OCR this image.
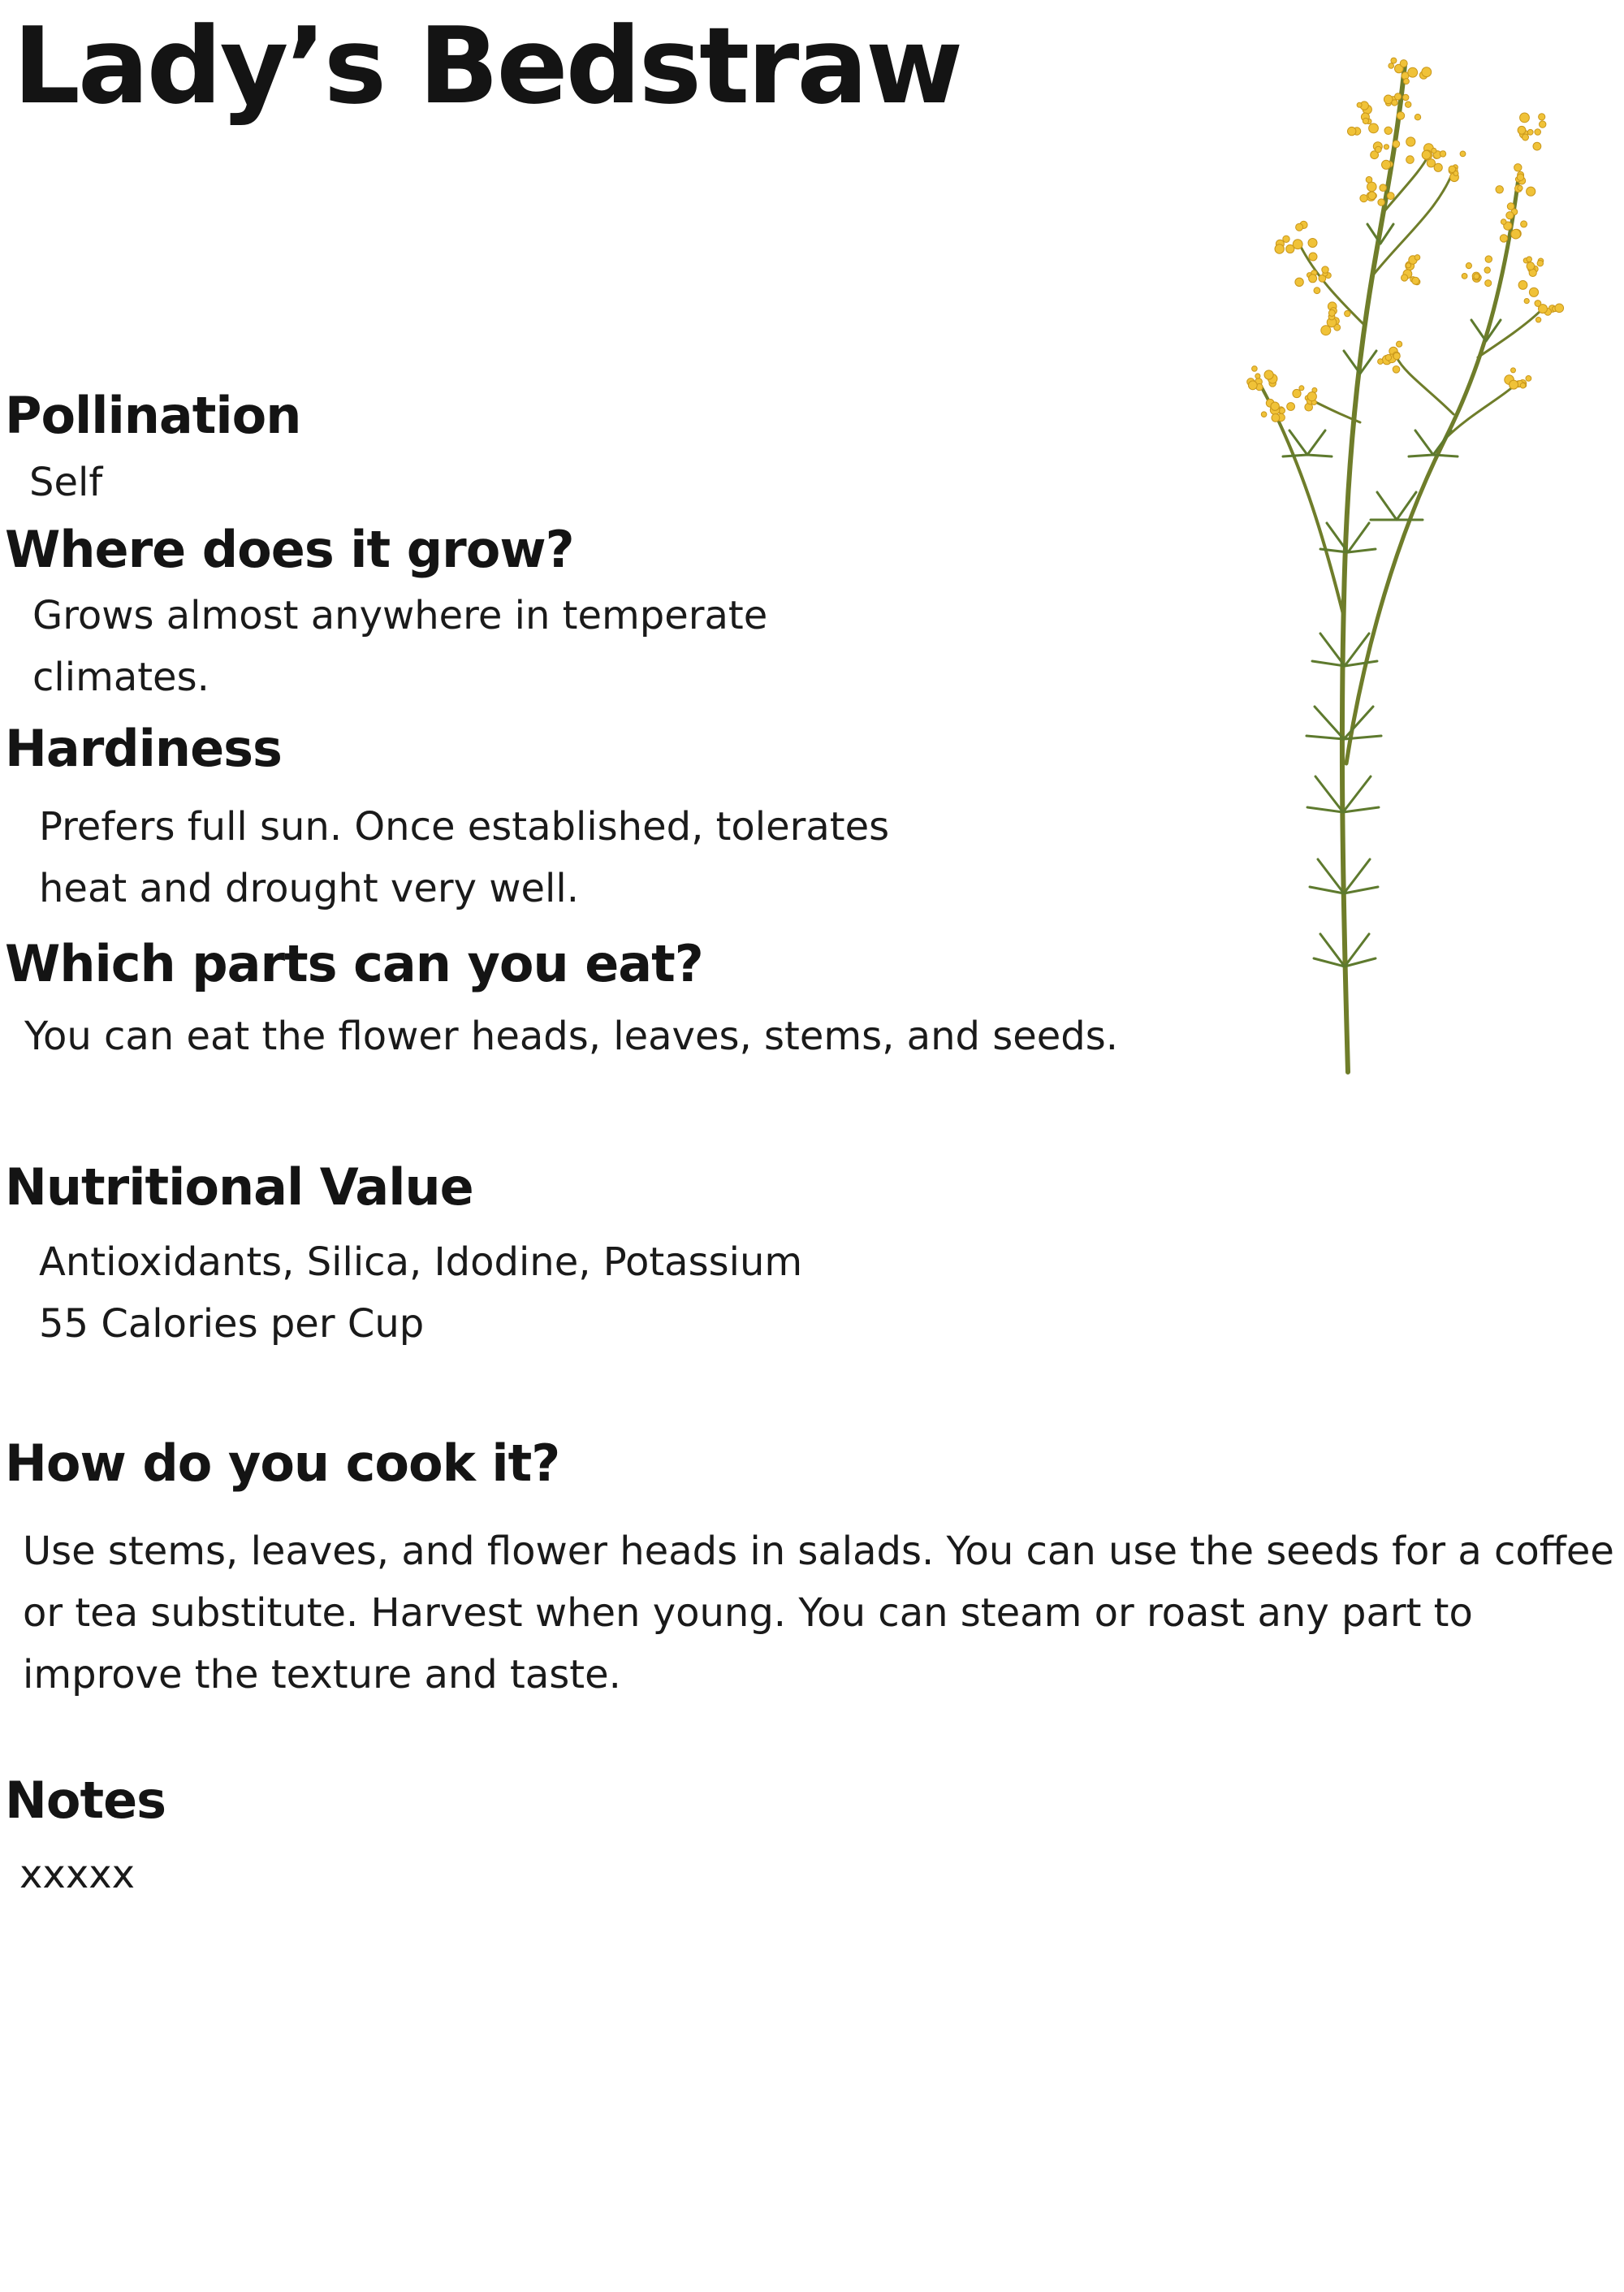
Lady’s Bedstraw
Pollination

Self

Where does it grow?

Grows almost anywhere in temperate
climates.

Hardiness

Prefers full sun. Once established, tolerates
heat and drought very well.

Which parts can you eat?

You can eat the flower heads, leaves, stems, and seeds.

Nutritional Value

Antioxidants, Silica, Idodine, Potassium
55 Calories per Cup

How do you cook it?

Use stems, leaves, and flower heads in salads. You can use the seeds for a coffee
or tea substitute. Harvest when young. You can steam or roast any part to
improve the texture and taste.

Notes

xxxxx
